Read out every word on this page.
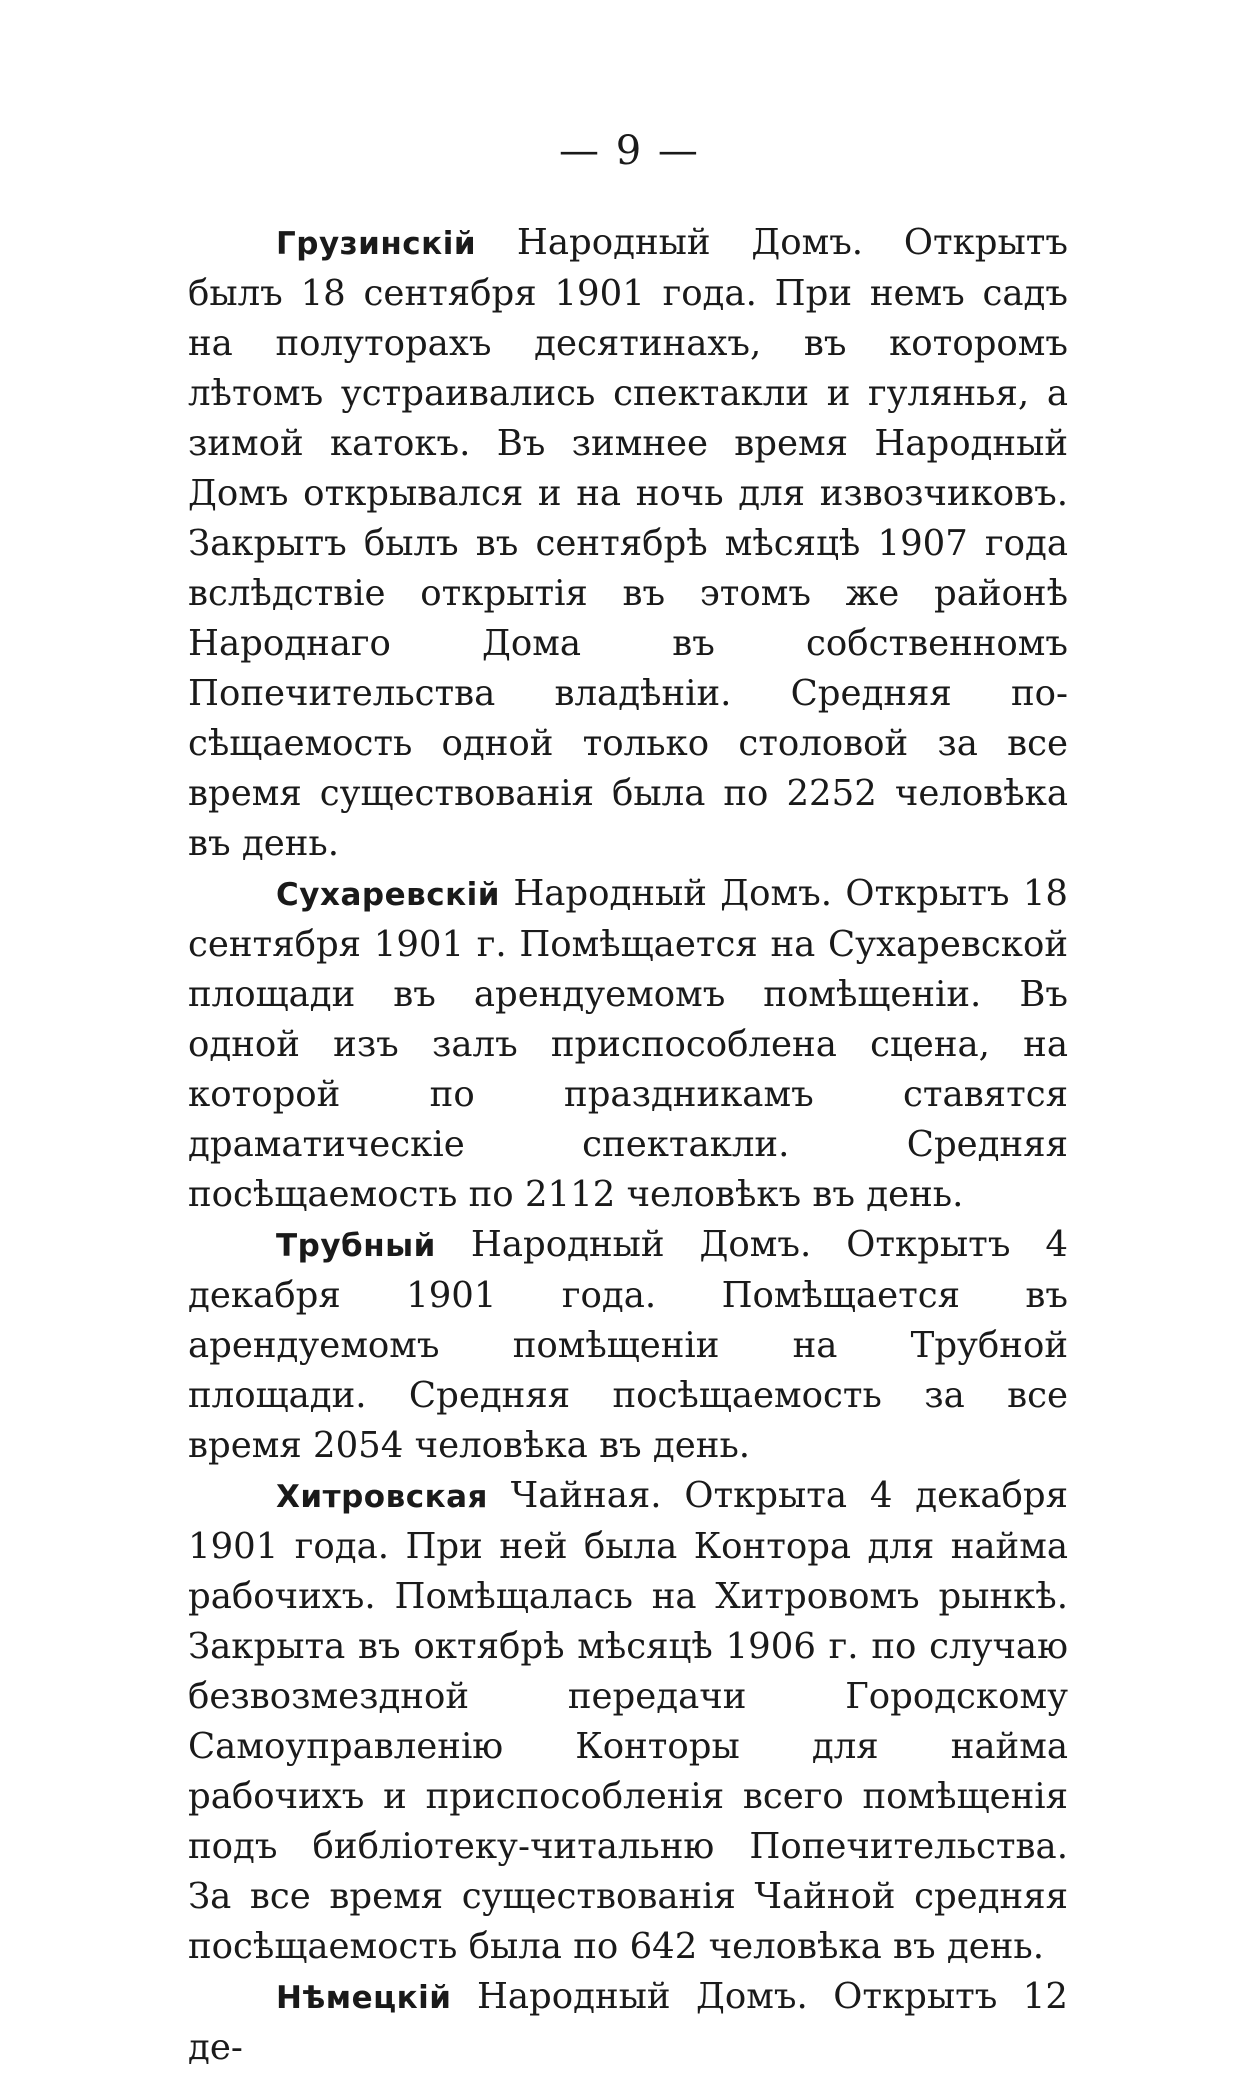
— 9 —

Грузинскій Народный Домъ. Открытъ былъ 18 сентября 1901 года. При немъ садъ на полуторахъ десятинахъ, въ которомъ лѣтомъ устраивались спектакли и гулянья, а зимой катокъ. Въ зимнее время Народный Домъ открывался и на ночь для извозчиковъ. Закрытъ былъ въ сентябрѣ мѣсяцѣ 1907 года вслѣдствіе открытія въ этомъ же районѣ Народнаго Дома въ собственномъ Попечительства владѣніи. Средняя посѣщаемость одной только столовой за все время существованія была по 2252 человѣка въ день.

Сухаревскій Народный Домъ. Открытъ 18 сентября 1901 г. Помѣщается на Сухаревской площади въ арендуемомъ помѣщеніи. Въ одной изъ залъ приспособлена сцена, на которой по праздникамъ ставятся драматическіе спектакли. Средняя посѣщаемость по 2112 человѣкъ въ день.

Трубный Народный Домъ. Открытъ 4 декабря 1901 года. Помѣщается въ арендуемомъ помѣщеніи на Трубной площади. Средняя посѣщаемость за все время 2054 человѣка въ день.

Хитровская Чайная. Открыта 4 декабря 1901 года. При ней была Контора для найма рабочихъ. Помѣщалась на Хитровомъ рынкѣ. Закрыта въ октябрѣ мѣсяцѣ 1906 г. по случаю безвозмездной передачи Городскому Самоуправленію Конторы для найма рабочихъ и приспособленія всего помѣщенія подъ библіотеку-читальню Попечительства. За все время существованія Чайной средняя посѣщаемость была по 642 человѣка въ день.

Нѣмецкій Народный Домъ. Открытъ 12 де-
